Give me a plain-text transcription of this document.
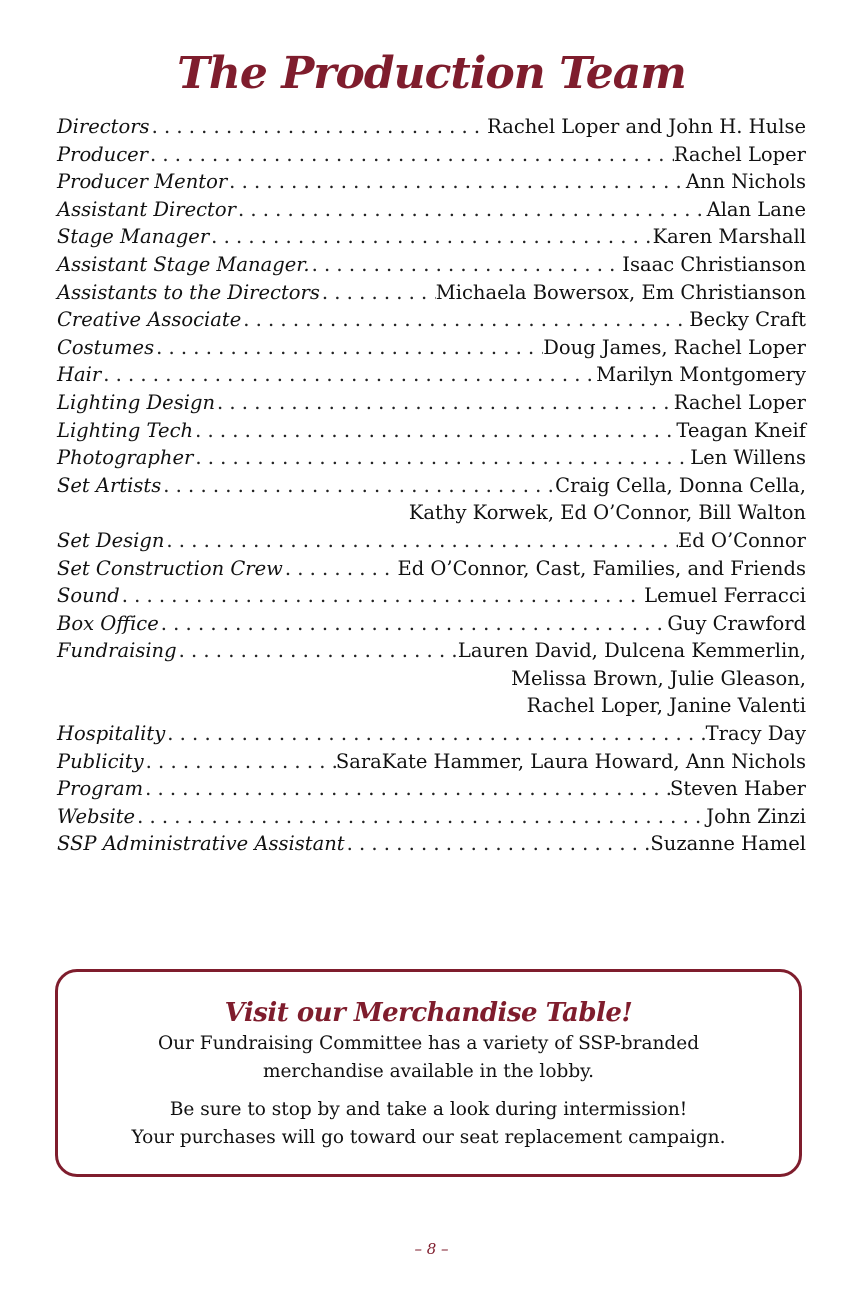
The Production Team
Directors . . .	Rachel Loper and John H. Hulse
Producer . . .	Rachel Loper
Producer Mentor . . .	Ann Nichols
Assistant Director . . .	Alan Lane
Stage Manager . . .	Karen Marshall
Assistant Stage Manager. . . .	Isaac Christianson
Assistants to the Directors . . .	Michaela Bowersox, Em Christianson
Creative Associate . . .	Becky Craft
Costumes . . .	Doug James, Rachel Loper
Hair . . .	Marilyn Montgomery
Lighting Design . . .	Rachel Loper
Lighting Tech . . .	Teagan Kneif
Photographer . . .	Len Willens
Set Artists . . .	Craig Cella, Donna Cella,
Kathy Korwek, Ed O’Connor, Bill Walton
Set Design . . .	Ed O’Connor
Set Construction Crew . . .	Ed O’Connor, Cast, Families, and Friends
Sound . . .	Lemuel Ferracci
Box Office . . .	Guy Crawford
Fundraising . . .	Lauren David, Dulcena Kemmerlin,
Melissa Brown, Julie Gleason,
Rachel Loper, Janine Valenti
Hospitality . . .	Tracy Day
Publicity . . .	SaraKate Hammer, Laura Howard, Ann Nichols
Program . . .	Steven Haber
Website . . .	John Zinzi
SSP Administrative Assistant . . .	Suzanne Hamel
Visit our Merchandise Table!

Our Fundraising Committee has a variety of SSP-branded

merchandise available in the lobby.

Be sure to stop by and take a look during intermission!

Your purchases will go toward our seat replacement campaign.

– 8 –
